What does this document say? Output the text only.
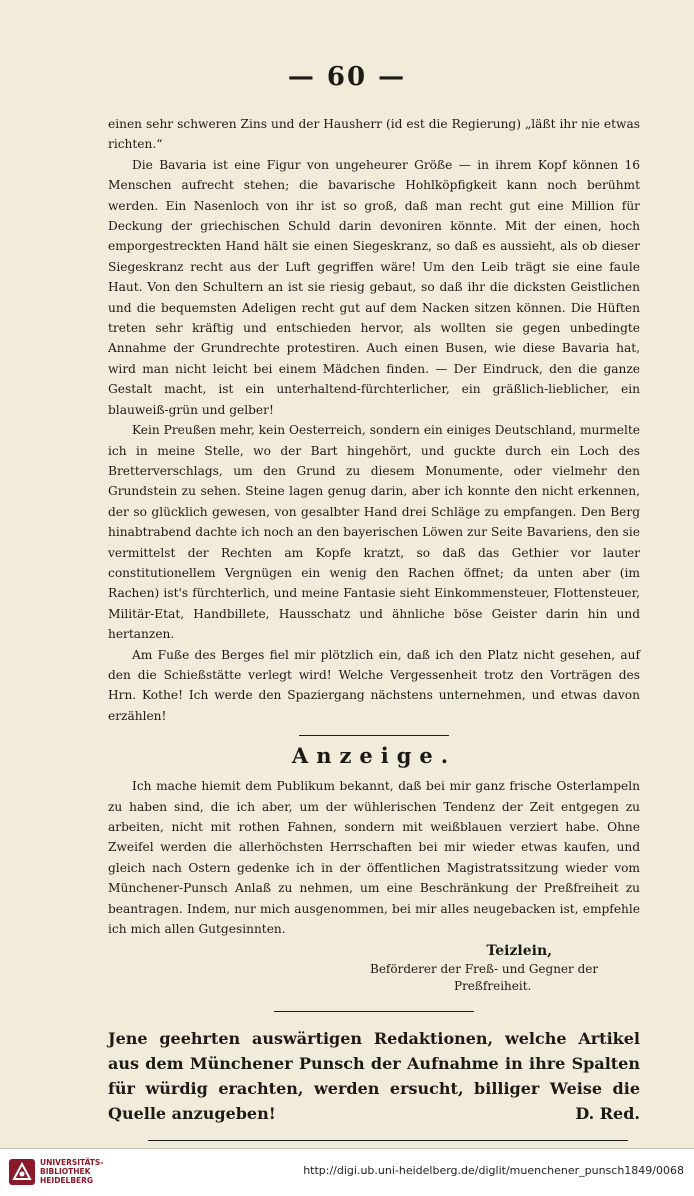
— 60 —

einen sehr schweren Zins und der Hausherr (id est die Regierung) „läßt ihr nie etwas richten.“

Die Bavaria ist eine Figur von ungeheurer Größe — in ihrem Kopf können 16 Menschen aufrecht stehen; die bavarische Hohlköpfigkeit kann noch berühmt werden. Ein Nasenloch von ihr ist so groß, daß man recht gut eine Million für Deckung der griechischen Schuld darin devoniren könnte. Mit der einen, hoch emporgestreckten Hand hält sie einen Siegeskranz, so daß es aussieht, als ob dieser Siegeskranz recht aus der Luft gegriffen wäre! Um den Leib trägt sie eine faule Haut. Von den Schultern an ist sie riesig gebaut, so daß ihr die dicksten Geistlichen und die bequemsten Adeligen recht gut auf dem Nacken sitzen können. Die Hüften treten sehr kräftig und entschieden hervor, als wollten sie gegen unbedingte Annahme der Grundrechte protestiren. Auch einen Busen, wie diese Bavaria hat, wird man nicht leicht bei einem Mädchen finden. — Der Eindruck, den die ganze Gestalt macht, ist ein unterhaltend-fürchterlicher, ein gräßlich-lieblicher, ein blauweiß-grün und gelber!

Kein Preußen mehr, kein Oesterreich, sondern ein einiges Deutschland, murmelte ich in meine Stelle, wo der Bart hingehört, und guckte durch ein Loch des Bretterverschlags, um den Grund zu diesem Monumente, oder vielmehr den Grundstein zu sehen. Steine lagen genug darin, aber ich konnte den nicht erkennen, der so glücklich gewesen, von gesalbter Hand drei Schläge zu empfangen. Den Berg hinabtrabend dachte ich noch an den bayerischen Löwen zur Seite Bavariens, den sie vermittelst der Rechten am Kopfe kratzt, so daß das Gethier vor lauter constitutionellem Vergnügen ein wenig den Rachen öffnet; da unten aber (im Rachen) ist's fürchterlich, und meine Fantasie sieht Einkommensteuer, Flottensteuer, Militär-Etat, Handbillete, Hausschatz und ähnliche böse Geister darin hin und hertanzen.

Am Fuße des Berges fiel mir plötzlich ein, daß ich den Platz nicht gesehen, auf den die Schießstätte verlegt wird! Welche Vergessenheit trotz den Vorträgen des Hrn. Kothe! Ich werde den Spaziergang nächstens unternehmen, und etwas davon erzählen!

Anzeige.

Ich mache hiemit dem Publikum bekannt, daß bei mir ganz frische Osterlampeln zu haben sind, die ich aber, um der wühlerischen Tendenz der Zeit entgegen zu arbeiten, nicht mit rothen Fahnen, sondern mit weißblauen verziert habe. Ohne Zweifel werden die allerhöchsten Herrschaften bei mir wieder etwas kaufen, und gleich nach Ostern gedenke ich in der öffentlichen Magistratssitzung wieder vom Münchener-Punsch Anlaß zu nehmen, um eine Beschränkung der Preßfreiheit zu beantragen. Indem, nur mich ausgenommen, bei mir alles neugebacken ist, empfehle ich mich allen Gutgesinnten.

Teizlein,
Beförderer der Freß- und Gegner der
Preßfreiheit.
Jene geehrten auswärtigen Redaktionen, welche Artikel aus dem Münchener Punsch der Aufnahme in ihre Spalten für würdig erachten, werden ersucht, billiger Weise die Quelle anzugeben!	D. Red.
UNIVERSITÄTS-
BIBLIOTHEK
HEIDELBERG
http://digi.ub.uni-heidelberg.de/diglit/muenchener_punsch1849/0068
